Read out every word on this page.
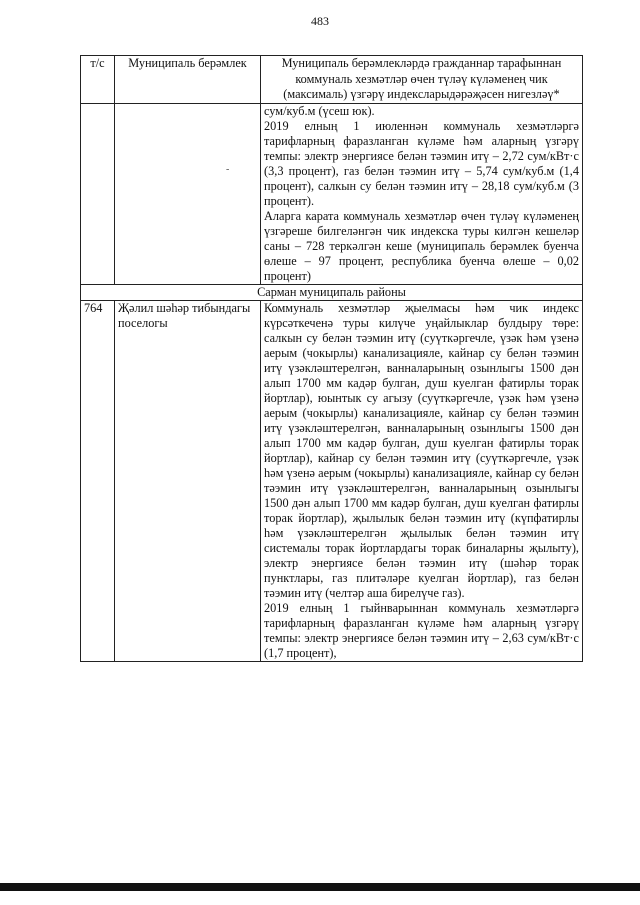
483
т/с	Муниципаль берәмлек	Муниципаль берәмлекләрдә гражданнар тарафыннан коммуналь хезмәтләр өчен түләү күләменең чик (максималь) үзгәрү индексларыдәрәҗәсен нигезләү*

		сум/куб.м (үсеш юк).

2019 елның 1 июленнән коммуналь хезмәтләргә тарифларның фаразланган күләме һәм аларның үзгәрү темпы: электр энергиясе белән тәэмин итү – 2,72 сум/кВт·с (3,3 процент), газ белән тәэмин итү – 5,74 сум/куб.м (1,4 процент), салкын су белән тәэмин итү – 28,18 сум/куб.м (3 процент).

Аларга карата коммуналь хезмәтләр өчен түләү күләменең үзгәреше билгеләнгән чик индекска туры килгән кешеләр саны – 728 теркәлгән кеше (муниципаль берәмлек буенча өлеше – 97 процент, республика буенча өлеше – 0,02 процент)

Сарман муниципаль районы		
764	Җәлил шәһәр тибындагы поселогы	Коммуналь хезмәтләр җыелмасы һәм чик индекс күрсәткеченә туры килүче уңайлыклар булдыру төре: салкын су белән тәэмин итү (суүткәргечле, үзәк һәм үзенә аерым (чокырлы) канализацияле, кайнар су белән тәэмин итү үзәкләштерелгән, ванналарының озынлыгы 1500 дән алып 1700 мм кадәр булган, душ куелган фатирлы торак йортлар), юынтык су агызу (суүткәргечле, үзәк һәм үзенә аерым (чокырлы) канализацияле, кайнар су белән тәэмин итү үзәкләштерелгән, ванналарының озынлыгы 1500 дән алып 1700 мм кадәр булган, душ куелган фатирлы торак йортлар), кайнар су белән тәэмин итү (суүткәргечле, үзәк һәм үзенә аерым (чокырлы) канализацияле, кайнар су белән тәэмин итү үзәкләштерелгән, ванналарының озынлыгы 1500 дән алып 1700 мм кадәр булган, душ куелган фатирлы торак йортлар), җылылык белән тәэмин итү (күпфатирлы һәм үзәкләштерелгән җылылык белән тәэмин итү системалы торак йортлардагы торак биналарны җылыту), электр энергиясе белән тәэмин итү (шәһәр торак пунктлары, газ плитәләре куелган йортлар), газ белән тәэмин итү (челтәр аша бирелүче газ).

2019 елның 1 гыйнварыннан коммуналь хезмәтләргә тарифларның фаразланган күләме һәм аларның үзгәрү темпы: электр энергиясе белән тәэмин итү – 2,63 сум/кВт·с (1,7 процент),

-
